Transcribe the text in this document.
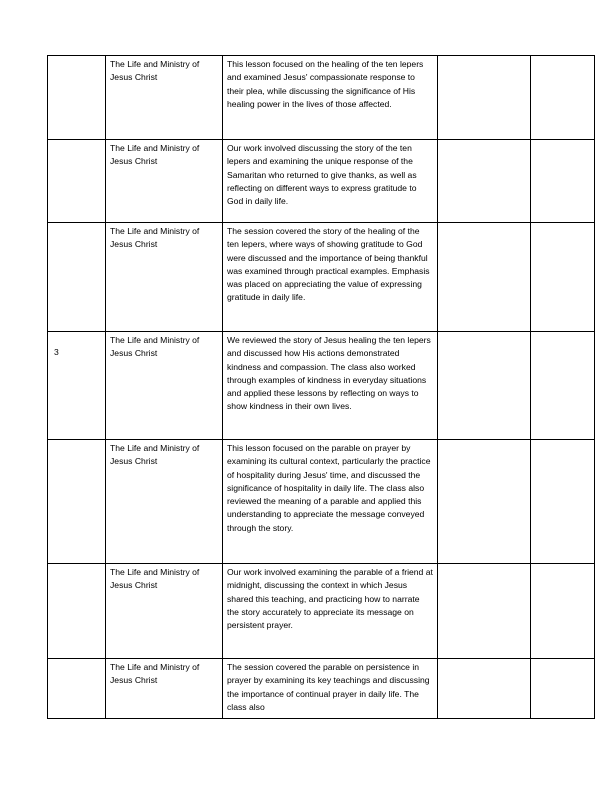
	The Life and Ministry of Jesus Christ	This lesson focused on the healing of the ten lepers and examined Jesus' compassionate response to their plea, while discussing the significance of His healing power in the lives of those affected.		
	The Life and Ministry of Jesus Christ	Our work involved discussing the story of the ten lepers and examining the unique response of the Samaritan who returned to give thanks, as well as reflecting on different ways to express gratitude to God in daily life.		
	The Life and Ministry of Jesus Christ	The session covered the story of the healing of the ten lepers, where ways of showing gratitude to God were discussed and the importance of being thankful was examined through practical examples. Emphasis was placed on appreciating the value of expressing gratitude in daily life.		
3	The Life and Ministry of Jesus Christ	We reviewed the story of Jesus healing the ten lepers and discussed how His actions demonstrated kindness and compassion. The class also worked through examples of kindness in everyday situations and applied these lessons by reflecting on ways to show kindness in their own lives.		
	The Life and Ministry of Jesus Christ	This lesson focused on the parable on prayer by examining its cultural context, particularly the practice of hospitality during Jesus' time, and discussed the significance of hospitality in daily life. The class also reviewed the meaning of a parable and applied this understanding to appreciate the message conveyed through the story.		
	The Life and Ministry of Jesus Christ	Our work involved examining the parable of a friend at midnight, discussing the context in which Jesus shared this teaching, and practicing how to narrate the story accurately to appreciate its message on persistent prayer.		
	The Life and Ministry of Jesus Christ	The session covered the parable on persistence in prayer by examining its key teachings and discussing the importance of continual prayer in daily life. The class also		
